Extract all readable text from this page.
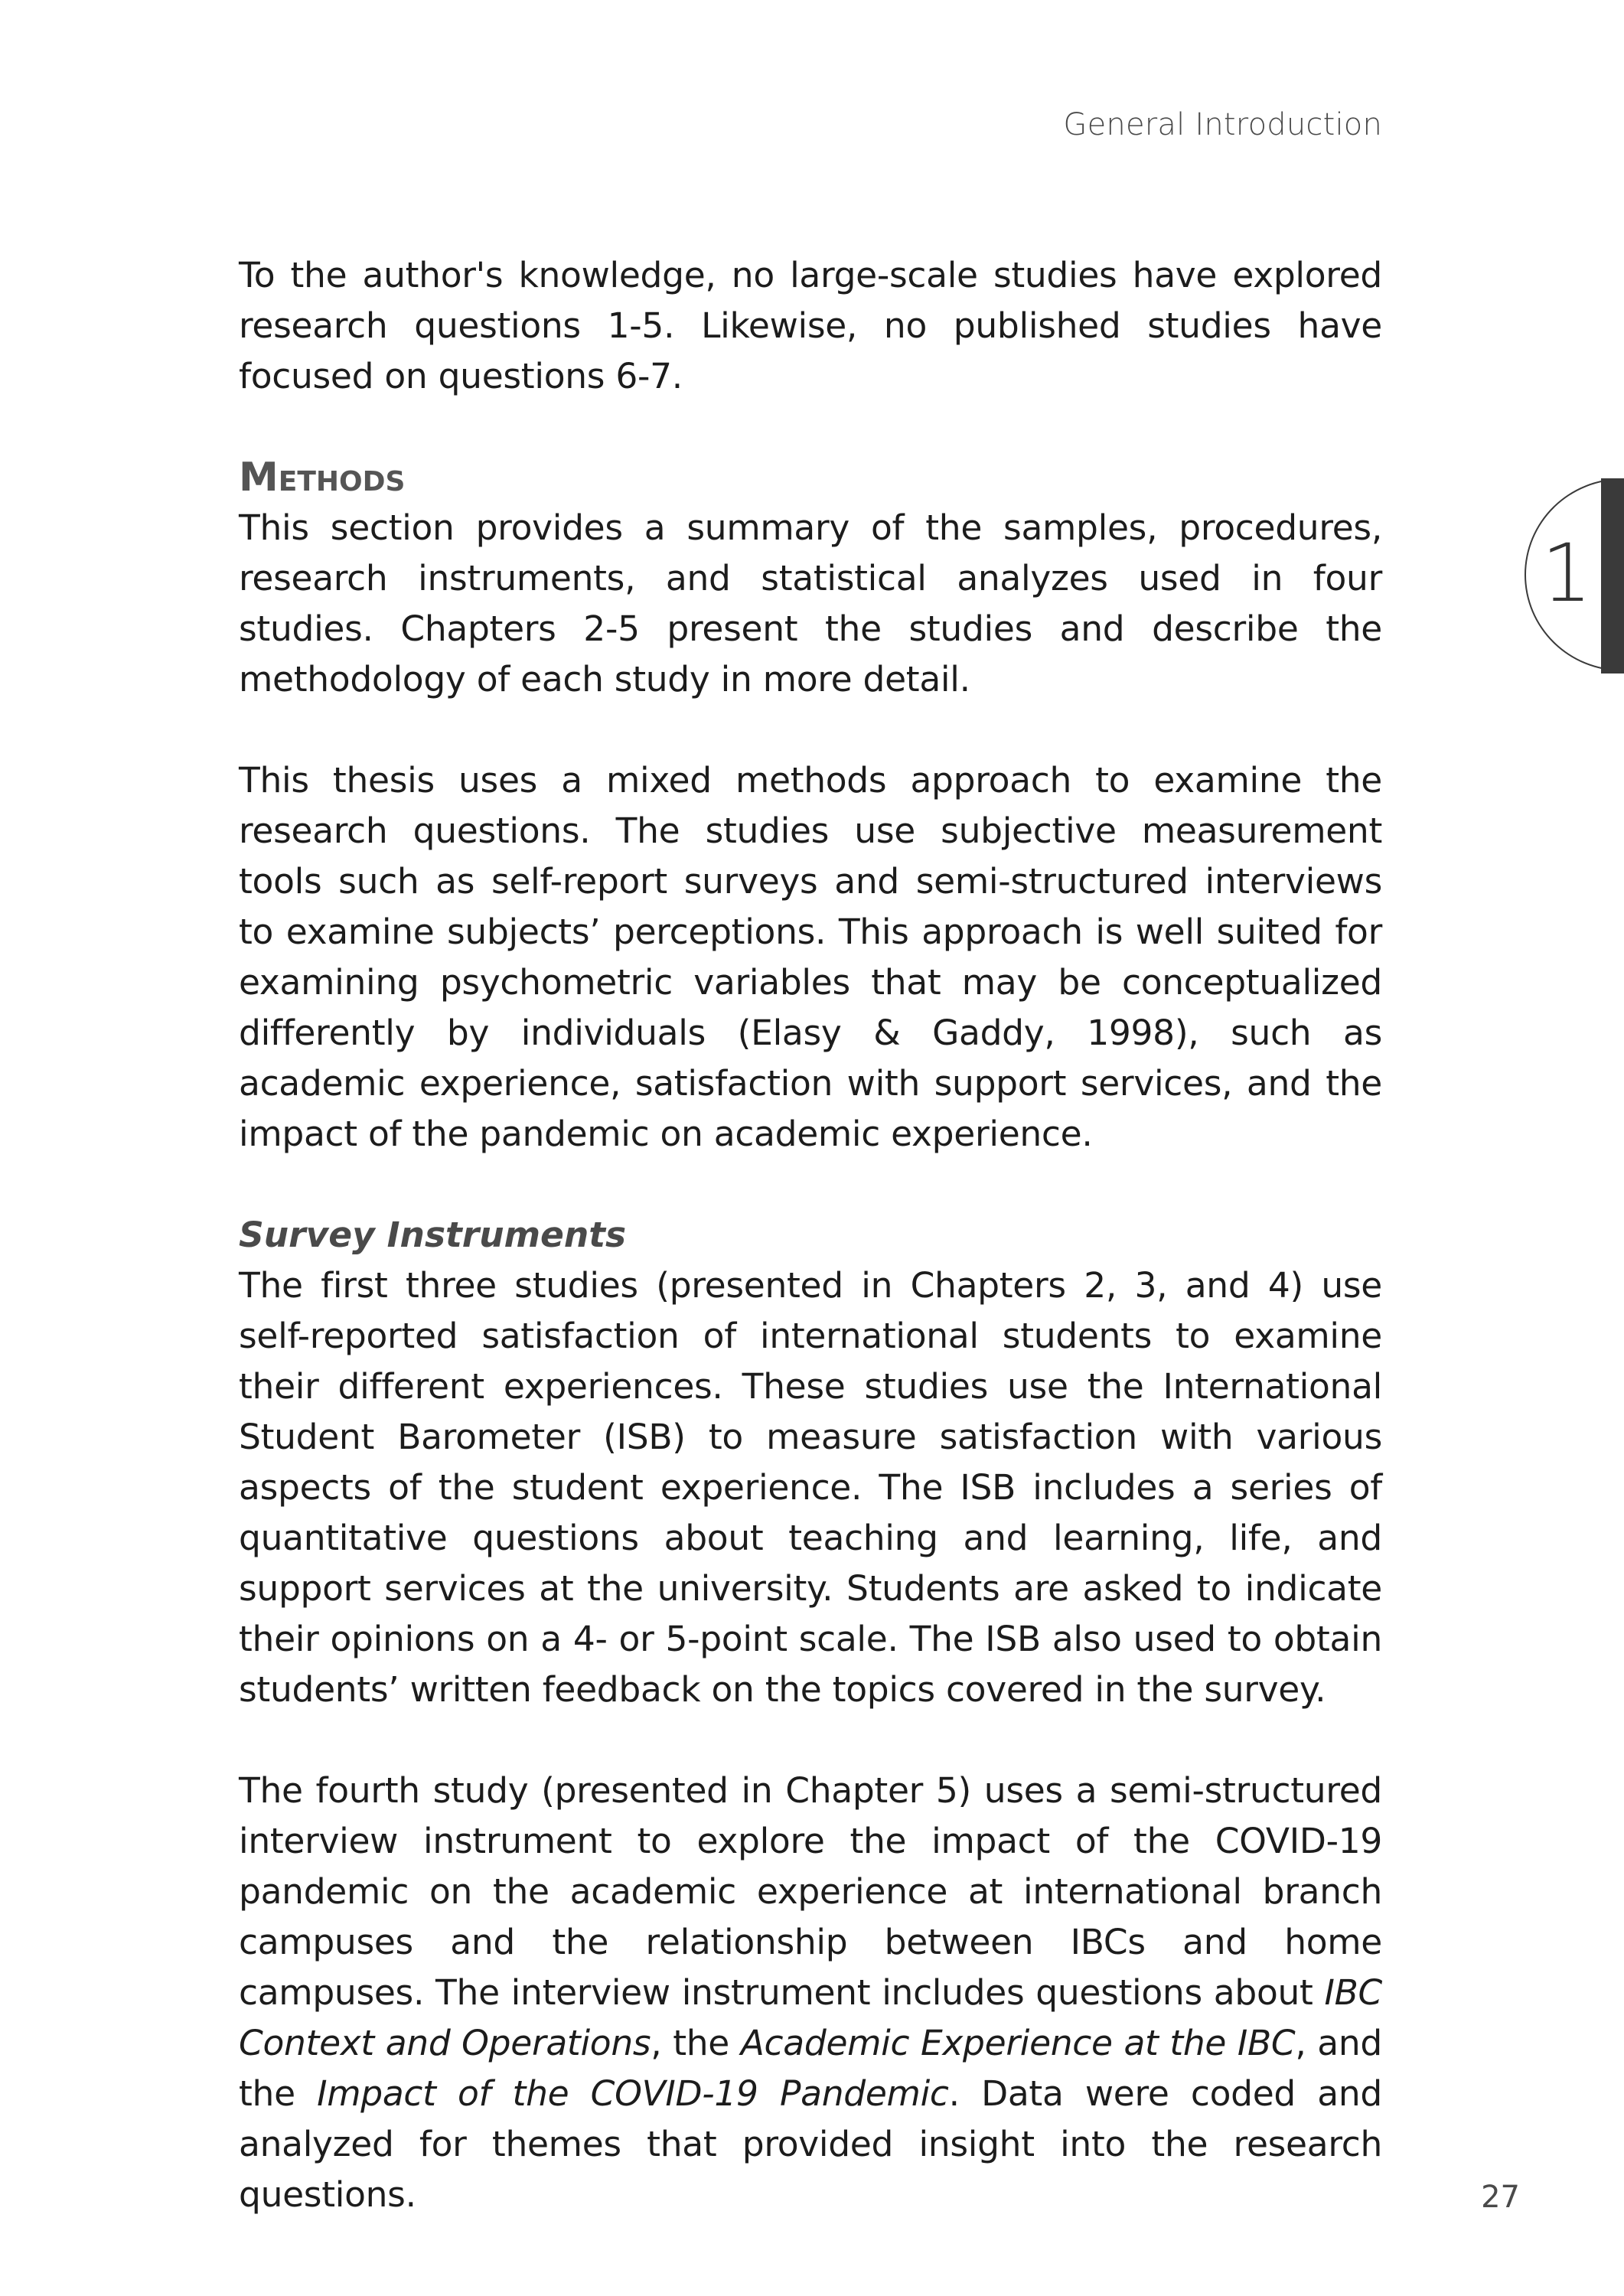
General Introduction

To the author's knowledge, no large-scale studies have explored research questions 1-5. Likewise, no published studies have focused on questions 6-7.

Methods

This section provides a summary of the samples, procedures, research instruments, and statistical analyzes used in four studies. Chapters 2-5 present the studies and describe the methodology of each study in more detail.

This thesis uses a mixed methods approach to examine the research questions. The studies use subjective measurement tools such as self-report surveys and semi-structured interviews to examine subjects’ perceptions. This approach is well suited for examining psychometric variables that may be conceptualized differently by individuals (Elasy & Gaddy, 1998), such as academic experience, satisfaction with support services, and the impact of the pandemic on academic experience.

Survey Instruments

The first three studies (presented in Chapters 2, 3, and 4) use self-reported satisfaction of international students to examine their different experiences. These studies use the International Student Barometer (ISB) to measure satisfaction with various aspects of the student experience. The ISB includes a series of quantitative questions about teaching and learning, life, and support services at the university. Students are asked to indicate their opinions on a 4- or 5-point scale. The ISB also used to obtain students’ written feedback on the topics covered in the survey.

The fourth study (presented in Chapter 5) uses a semi-structured interview instrument to explore the impact of the COVID-19 pandemic on the academic experience at international branch campuses and the relationship between IBCs and home campuses. The interview instrument includes questions about IBC Context and Operations, the Academic Experience at the IBC, and the Impact of the COVID-19 Pandemic. Data were coded and analyzed for themes that provided insight into the research questions.

1
27
